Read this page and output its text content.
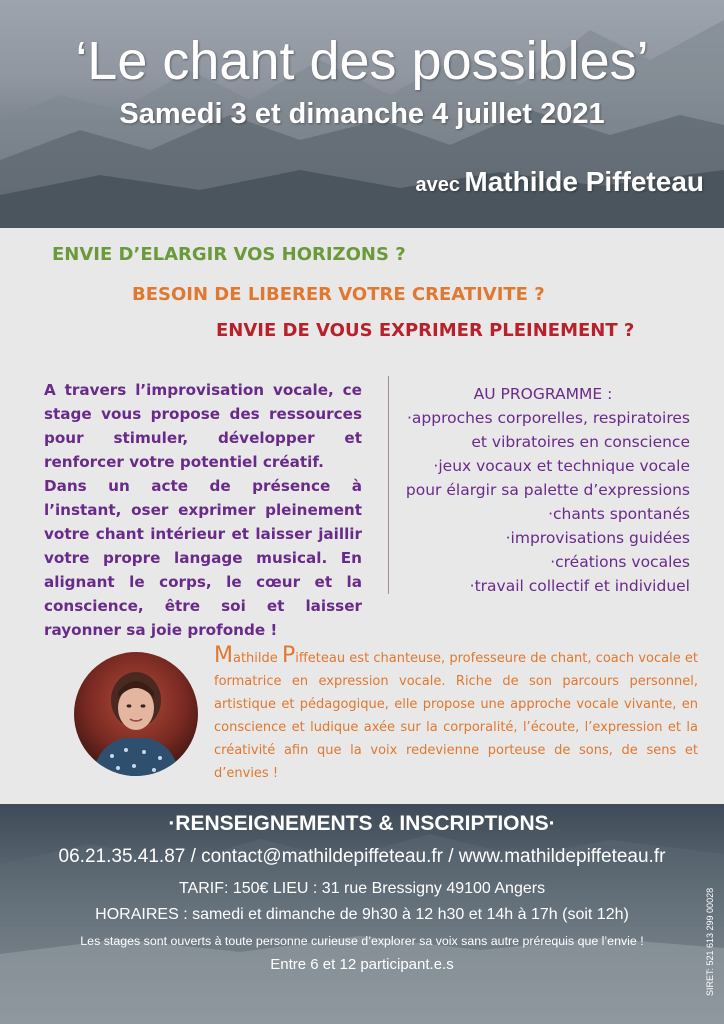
‘Le chant des possibles’
Samedi 3 et dimanche 4 juillet 2021
avec Mathilde Piffeteau
ENVIE D’ELARGIR VOS HORIZONS ?
BESOIN DE LIBERER VOTRE CREATIVITE ?
ENVIE DE VOUS EXPRIMER PLEINEMENT ?

A travers l’improvisation vocale, ce stage vous propose des ressources pour stimuler, développer et renforcer votre potentiel créatif.

Dans un acte de présence à l’instant, oser exprimer pleinement votre chant intérieur et laisser jaillir votre propre langage musical. En alignant le corps, le cœur et la conscience, être soi et laisser rayonner sa joie profonde !

AU PROGRAMME :
·approches corporelles, respiratoires
et vibratoires en conscience
·jeux vocaux et technique vocale
pour élargir sa palette d’expressions
·chants spontanés
·improvisations guidées
·créations vocales
·travail collectif et individuel
Mathilde Piffeteau est chanteuse, professeure de chant, coach vocale et formatrice en expression vocale. Riche de son parcours personnel, artistique et pédagogique, elle propose une approche vocale vivante, en conscience et ludique axée sur la corporalité, l’écoute, l’expression et la créativité afin que la voix redevienne porteuse de sons, de sens et d’envies !
·RENSEIGNEMENTS & INSCRIPTIONS·
06.21.35.41.87 / contact@mathildepiffeteau.fr / www.mathildepiffeteau.fr
TARIF: 150€ LIEU : 31 rue Bressigny 49100 Angers
HORAIRES : samedi et dimanche de 9h30 à 12 h30 et 14h à 17h (soit 12h)
Les stages sont ouverts à toute personne curieuse d’explorer sa voix sans autre prérequis que l’envie !
Entre 6 et 12 participant.e.s	SIRET: 521 613 299 00028
